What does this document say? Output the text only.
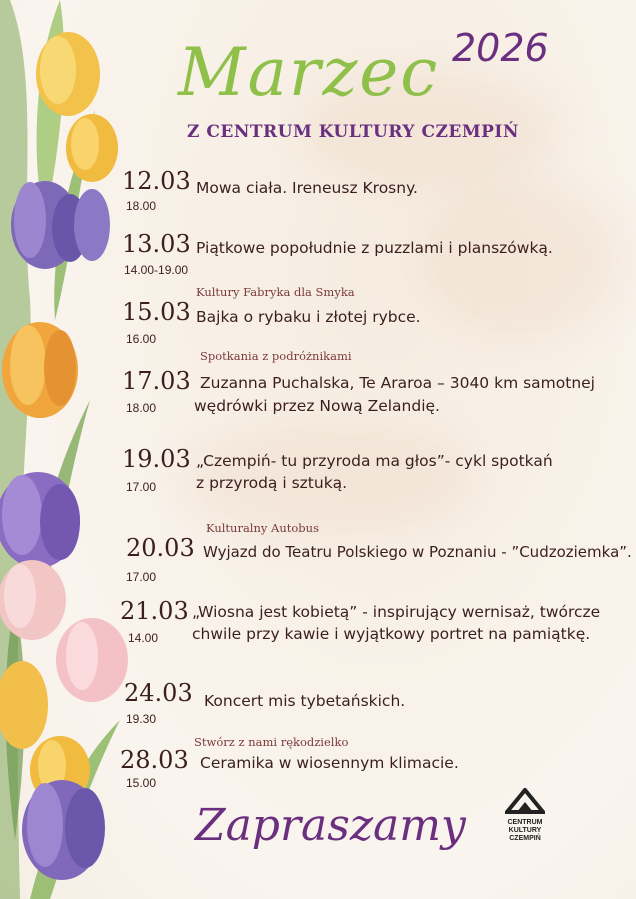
Marzec 2026
Z CENTRUM KULTURY CZEMPIŃ
12.03
18.00
Mowa ciała. Ireneusz Krosny.
13.03
14.00-19.00
Piątkowe popołudnie z puzzlami i planszówką.
Kultury Fabryka dla Smyka
15.03
16.00
Bajka o rybaku i złotej rybce.
Spotkania z podróżnikami
17.03
18.00
Zuzanna Puchalska, Te Araroa – 3040 km samotnej
wędrówki przez Nową Zelandię.
19.03
17.00
„Czempiń- tu przyroda ma głos”- cykl spotkań
z przyrodą i sztuką.
Kulturalny Autobus
20.03
17.00
Wyjazd do Teatru Polskiego w Poznaniu - ”Cudzoziemka”.
21.03
14.00
„Wiosna jest kobietą” - inspirujący wernisaż, twórcze
chwile przy kawie i wyjątkowy portret na pamiątkę.
24.03
19.30
Koncert mis tybetańskich.
Stwórz z nami rękodzielko
28.03
15.00
Ceramika w wiosennym klimacie.
Zapraszamy	CENTRUM
KULTURY
CZEMPIŃ
